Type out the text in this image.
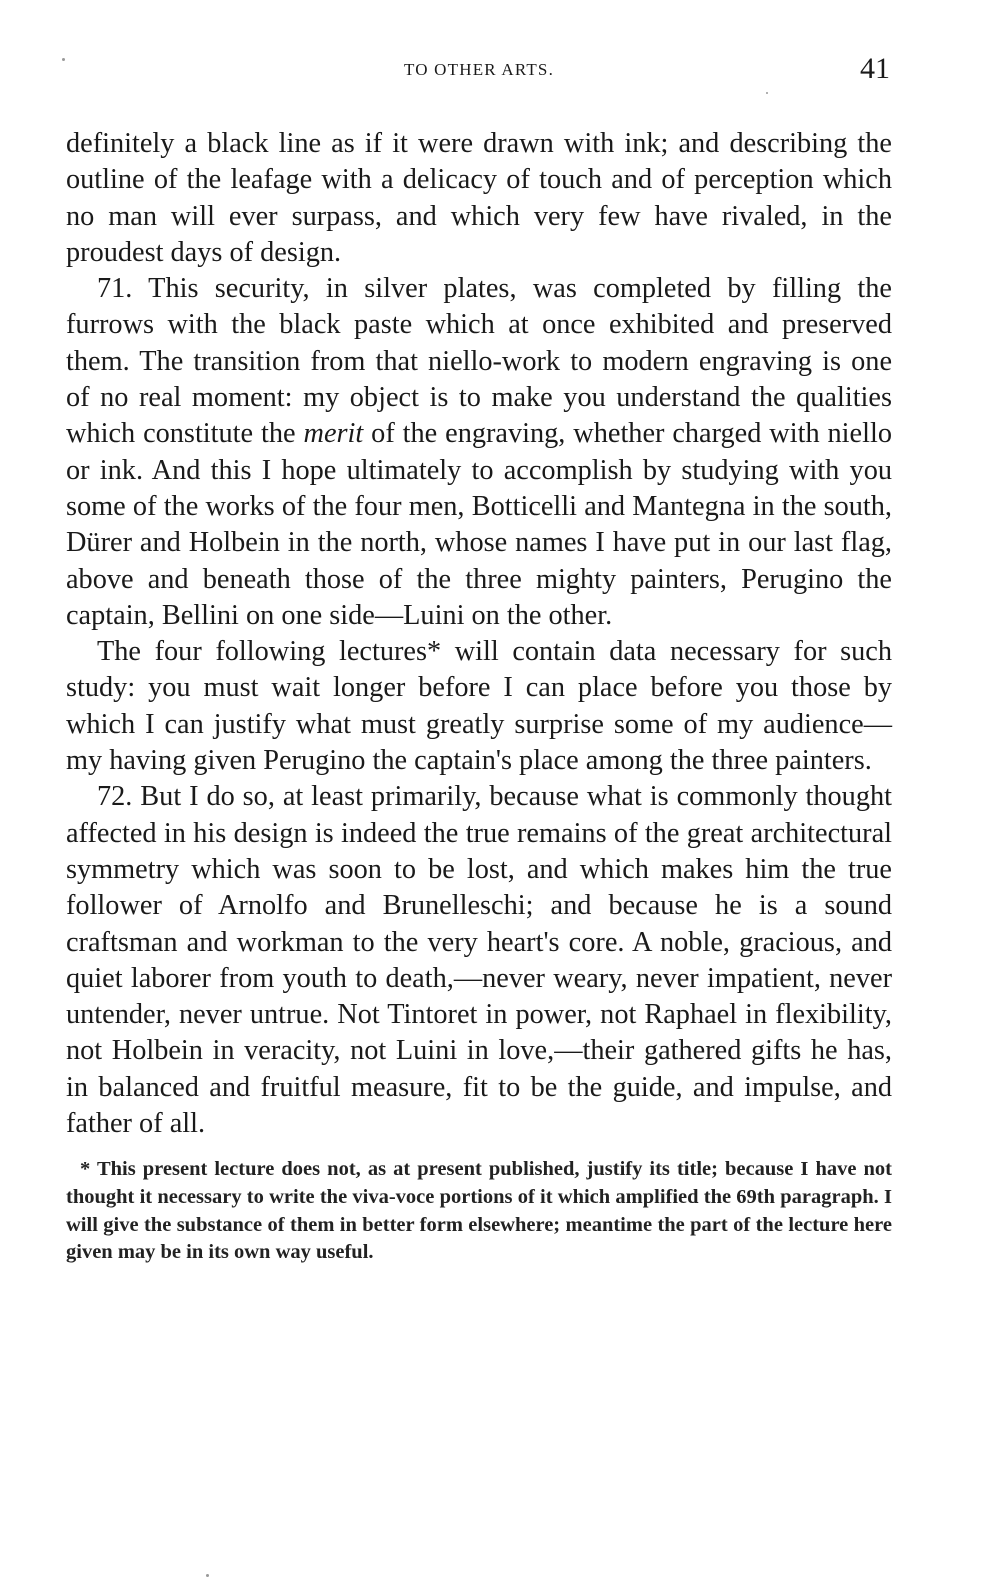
TO OTHER ARTS.	41

definitely a black line as if it were drawn with ink; and describing the outline of the leafage with a delicacy of touch and of perception which no man will ever surpass, and which very few have rivaled, in the proudest days of design.

71. This security, in silver plates, was completed by filling the furrows with the black paste which at once exhibited and preserved them. The transition from that niello-work to modern engraving is one of no real moment: my object is to make you understand the qualities which constitute the merit of the engraving, whether charged with niello or ink. And this I hope ultimately to accomplish by studying with you some of the works of the four men, Botticelli and Mantegna in the south, Dürer and Holbein in the north, whose names I have put in our last flag, above and beneath those of the three mighty painters, Perugino the captain, Bellini on one side—Luini on the other.

The four following lectures* will contain data necessary for such study: you must wait longer before I can place before you those by which I can justify what must greatly surprise some of my audience—my having given Perugino the captain's place among the three painters.

72. But I do so, at least primarily, because what is commonly thought affected in his design is indeed the true remains of the great architectural symmetry which was soon to be lost, and which makes him the true follower of Arnolfo and Brunelleschi; and because he is a sound craftsman and workman to the very heart's core. A noble, gracious, and quiet laborer from youth to death,—never weary, never impatient, never untender, never untrue. Not Tintoret in power, not Raphael in flexibility, not Holbein in veracity, not Luini in love,—their gathered gifts he has, in balanced and fruitful measure, fit to be the guide, and impulse, and father of all.

* This present lecture does not, as at present published, justify its title; because I have not thought it necessary to write the viva-voce portions of it which amplified the 69th paragraph. I will give the substance of them in better form elsewhere; meantime the part of the lecture here given may be in its own way useful.
